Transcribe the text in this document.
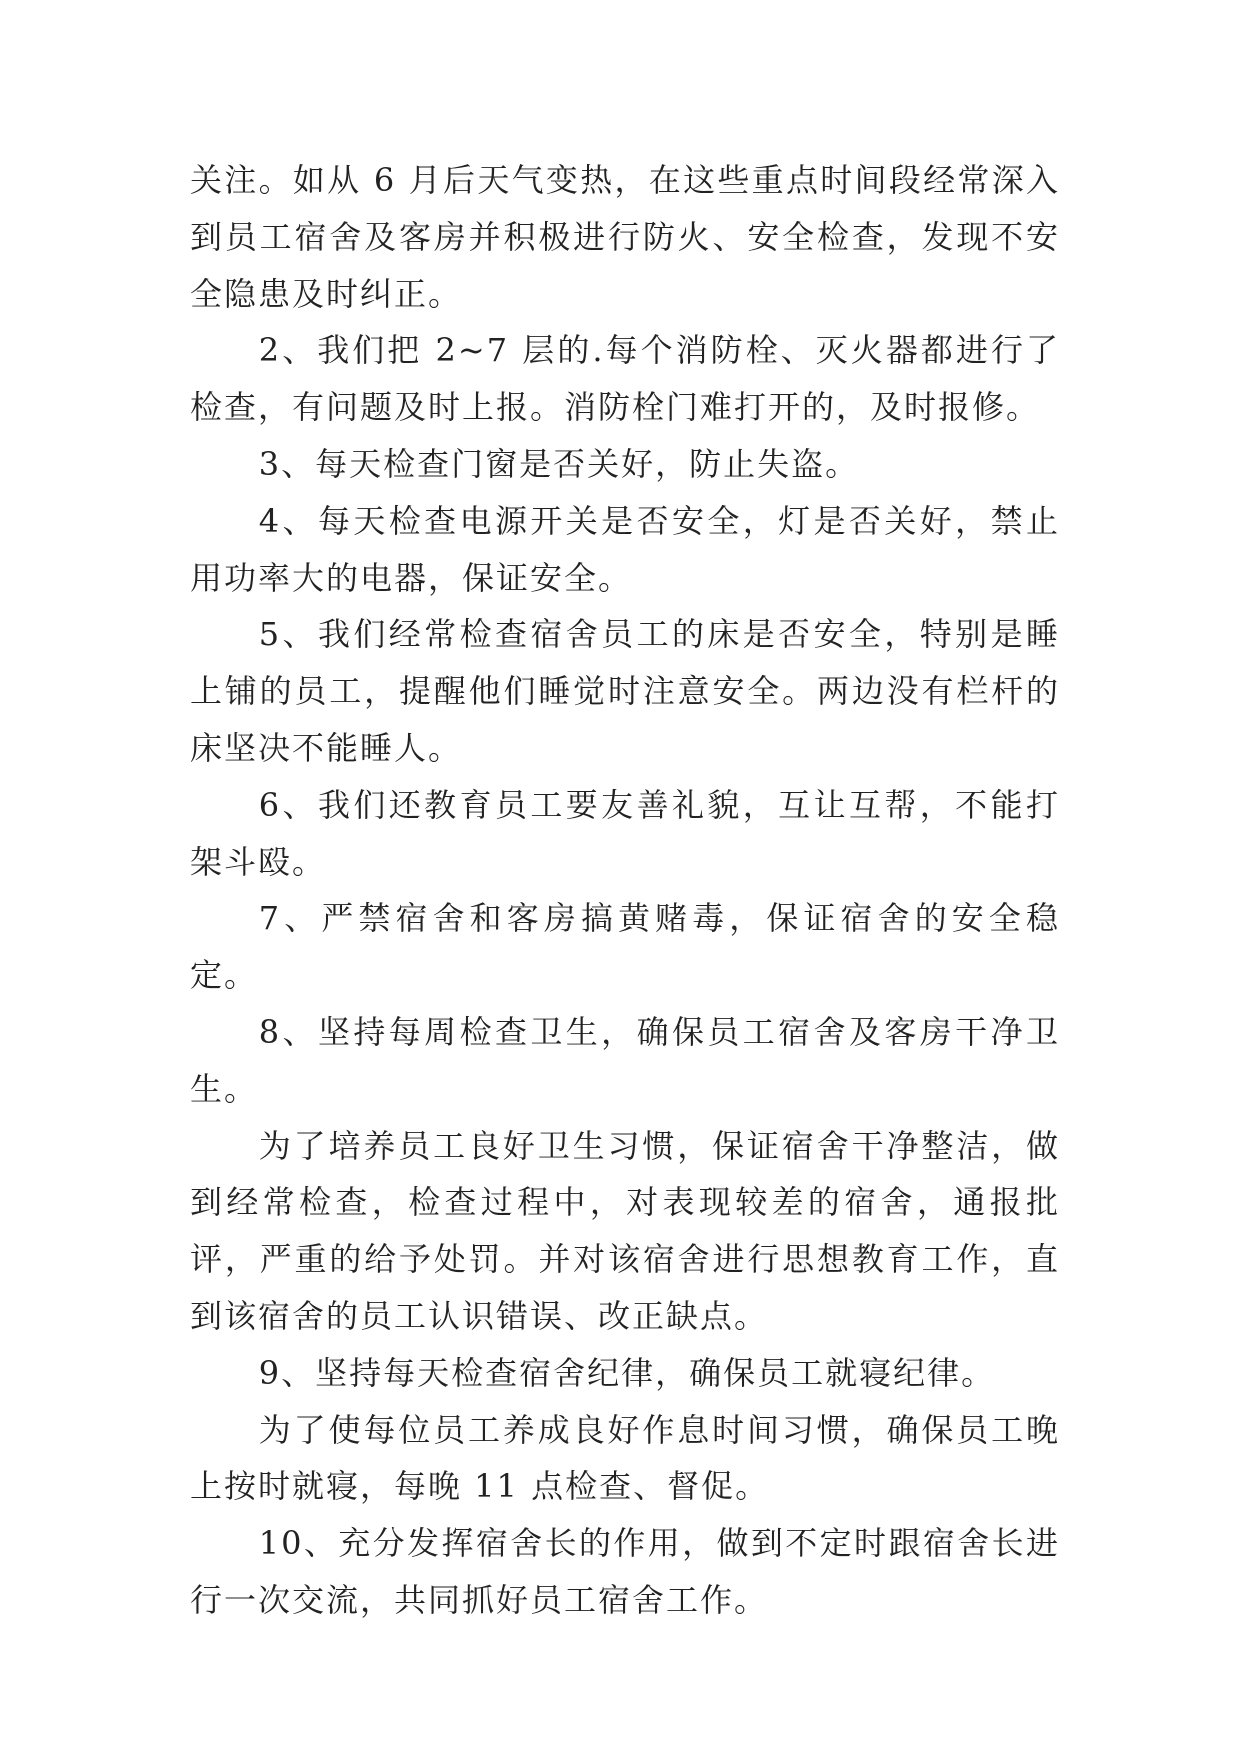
关注。如从 6 月后天气变热，在这些重点时间段经常深入到员工宿舍及客房并积极进行防火、安全检查，发现不安全隐患及时纠正。

2、我们把 2~7 层的.每个消防栓、灭火器都进行了检查，有问题及时上报。消防栓门难打开的，及时报修。

3、每天检查门窗是否关好，防止失盗。

4、每天检查电源开关是否安全，灯是否关好，禁止用功率大的电器，保证安全。

5、我们经常检查宿舍员工的床是否安全，特别是睡上铺的员工，提醒他们睡觉时注意安全。两边没有栏杆的床坚决不能睡人。

6、我们还教育员工要友善礼貌，互让互帮，不能打架斗殴。

7、严禁宿舍和客房搞黄赌毒，保证宿舍的安全稳定。

8、坚持每周检查卫生，确保员工宿舍及客房干净卫生。

为了培养员工良好卫生习惯，保证宿舍干净整洁，做到经常检查，检查过程中，对表现较差的宿舍，通报批评，严重的给予处罚。并对该宿舍进行思想教育工作，直到该宿舍的员工认识错误、改正缺点。

9、坚持每天检查宿舍纪律，确保员工就寝纪律。

为了使每位员工养成良好作息时间习惯，确保员工晚上按时就寝，每晚 11 点检查、督促。

10、充分发挥宿舍长的作用，做到不定时跟宿舍长进行一次交流，共同抓好员工宿舍工作。
